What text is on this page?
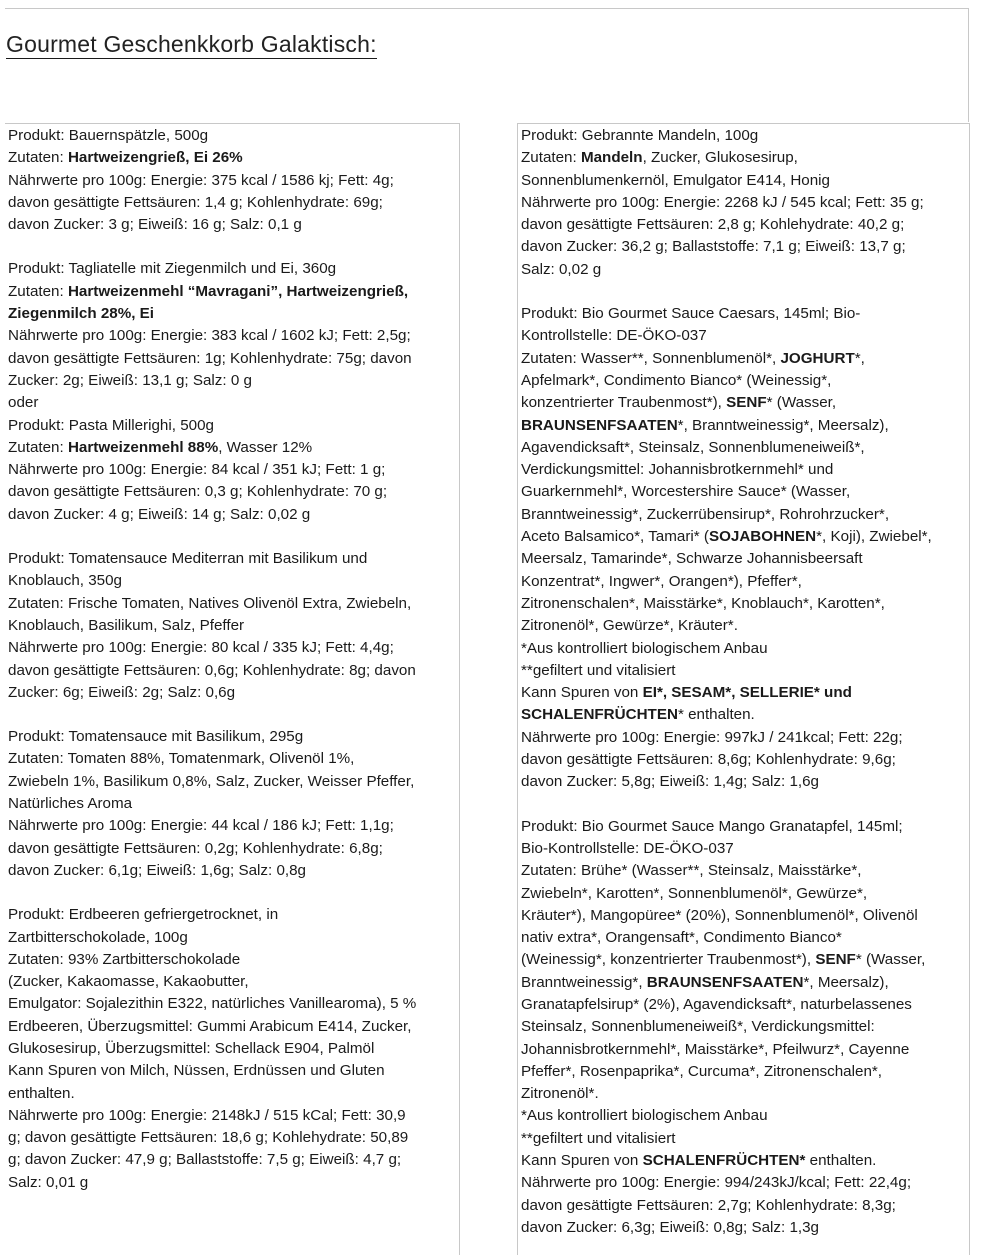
Gourmet Geschenkkorb Galaktisch:
Produkt: Bauernspätzle, 500g
Zutaten: Hartweizengrieß, Ei 26%
Nährwerte pro 100g: Energie: 375 kcal / 1586 kj; Fett: 4g;
davon gesättigte Fettsäuren: 1,4 g; Kohlenhydrate: 69g;
davon Zucker: 3 g; Eiweiß: 16 g; Salz: 0,1 g
Produkt: Tagliatelle mit Ziegenmilch und Ei, 360g
Zutaten: Hartweizenmehl “Mavragani”, Hartweizengrieß,
Ziegenmilch 28%, Ei
Nährwerte pro 100g: Energie: 383 kcal / 1602 kJ; Fett: 2,5g;
davon gesättigte Fettsäuren: 1g; Kohlenhydrate: 75g; davon
Zucker: 2g; Eiweiß: 13,1 g; Salz: 0 g
oder
Produkt: Pasta Millerighi, 500g
Zutaten: Hartweizenmehl 88%, Wasser 12%
Nährwerte pro 100g: Energie: 84 kcal / 351 kJ; Fett: 1 g;
davon gesättigte Fettsäuren: 0,3 g; Kohlenhydrate: 70 g;
davon Zucker: 4 g; Eiweiß: 14 g; Salz: 0,02 g
Produkt: Tomatensauce Mediterran mit Basilikum und
Knoblauch, 350g
Zutaten: Frische Tomaten, Natives Olivenöl Extra, Zwiebeln,
Knoblauch, Basilikum, Salz, Pfeffer
Nährwerte pro 100g: Energie: 80 kcal / 335 kJ; Fett: 4,4g;
davon gesättigte Fettsäuren: 0,6g; Kohlenhydrate: 8g; davon
Zucker: 6g; Eiweiß: 2g; Salz: 0,6g
Produkt: Tomatensauce mit Basilikum, 295g
Zutaten: Tomaten 88%, Tomatenmark, Olivenöl 1%,
Zwiebeln 1%, Basilikum 0,8%, Salz, Zucker, Weisser Pfeffer,
Natürliches Aroma
Nährwerte pro 100g: Energie: 44 kcal / 186 kJ; Fett: 1,1g;
davon gesättigte Fettsäuren: 0,2g; Kohlenhydrate: 6,8g;
davon Zucker: 6,1g; Eiweiß: 1,6g; Salz: 0,8g
Produkt: Erdbeeren gefriergetrocknet, in
Zartbitterschokolade, 100g
Zutaten: 93% Zartbitterschokolade
(Zucker, Kakaomasse, Kakaobutter,
Emulgator: Sojalezithin E322, natürliches Vanillearoma), 5 %
Erdbeeren, Überzugsmittel: Gummi Arabicum E414, Zucker,
Glukosesirup, Überzugsmittel: Schellack E904, Palmöl
Kann Spuren von Milch, Nüssen, Erdnüssen und Gluten
enthalten.
Nährwerte pro 100g: Energie: 2148kJ / 515 kCal; Fett: 30,9
g; davon gesättigte Fettsäuren: 18,6 g; Kohlehydrate: 50,89
g; davon Zucker: 47,9 g; Ballaststoffe: 7,5 g; Eiweiß: 4,7 g;
Salz: 0,01 g
Produkt: Gebrannte Mandeln, 100g
Zutaten: Mandeln, Zucker, Glukosesirup,
Sonnenblumenkernöl, Emulgator E414, Honig
Nährwerte pro 100g: Energie: 2268 kJ / 545 kcal; Fett: 35 g;
davon gesättigte Fettsäuren: 2,8 g; Kohlehydrate: 40,2 g;
davon Zucker: 36,2 g; Ballaststoffe: 7,1 g; Eiweiß: 13,7 g;
Salz: 0,02 g
Produkt: Bio Gourmet Sauce Caesars, 145ml; Bio-
Kontrollstelle: DE-ÖKO-037
Zutaten: Wasser**, Sonnenblumenöl*, JOGHURT*,
Apfelmark*, Condimento Bianco* (Weinessig*,
konzentrierter Traubenmost*), SENF* (Wasser,
BRAUNSENFSAATEN*, Branntweinessig*, Meersalz),
Agavendicksaft*, Steinsalz, Sonnenblumeneiweiß*,
Verdickungsmittel: Johannisbrotkernmehl* und
Guarkernmehl*, Worcestershire Sauce* (Wasser,
Branntweinessig*, Zuckerrübensirup*, Rohrohrzucker*,
Aceto Balsamico*, Tamari* (SOJABOHNEN*, Koji), Zwiebel*,
Meersalz, Tamarinde*, Schwarze Johannisbeersaft
Konzentrat*, Ingwer*, Orangen*), Pfeffer*,
Zitronenschalen*, Maisstärke*, Knoblauch*, Karotten*,
Zitronenöl*, Gewürze*, Kräuter*.
*Aus kontrolliert biologischem Anbau
**gefiltert und vitalisiert
Kann Spuren von EI*, SESAM*, SELLERIE* und
SCHALENFRÜCHTEN* enthalten.
Nährwerte pro 100g: Energie: 997kJ / 241kcal; Fett: 22g;
davon gesättigte Fettsäuren: 8,6g; Kohlenhydrate: 9,6g;
davon Zucker: 5,8g; Eiweiß: 1,4g; Salz: 1,6g
Produkt: Bio Gourmet Sauce Mango Granatapfel, 145ml;
Bio-Kontrollstelle: DE-ÖKO-037
Zutaten: Brühe* (Wasser**, Steinsalz, Maisstärke*,
Zwiebeln*, Karotten*, Sonnenblumenöl*, Gewürze*,
Kräuter*), Mangopüree* (20%), Sonnenblumenöl*, Olivenöl
nativ extra*, Orangensaft*, Condimento Bianco*
(Weinessig*, konzentrierter Traubenmost*), SENF* (Wasser,
Branntweinessig*, BRAUNSENFSAATEN*, Meersalz),
Granatapfelsirup* (2%), Agavendicksaft*, naturbelassenes
Steinsalz, Sonnenblumeneiweiß*, Verdickungsmittel:
Johannisbrotkernmehl*, Maisstärke*, Pfeilwurz*, Cayenne
Pfeffer*, Rosenpaprika*, Curcuma*, Zitronenschalen*,
Zitronenöl*.
*Aus kontrolliert biologischem Anbau
**gefiltert und vitalisiert
Kann Spuren von SCHALENFRÜCHTEN* enthalten.
Nährwerte pro 100g: Energie: 994/243kJ/kcal; Fett: 22,4g;
davon gesättigte Fettsäuren: 2,7g; Kohlenhydrate: 8,3g;
davon Zucker: 6,3g; Eiweiß: 0,8g; Salz: 1,3g
